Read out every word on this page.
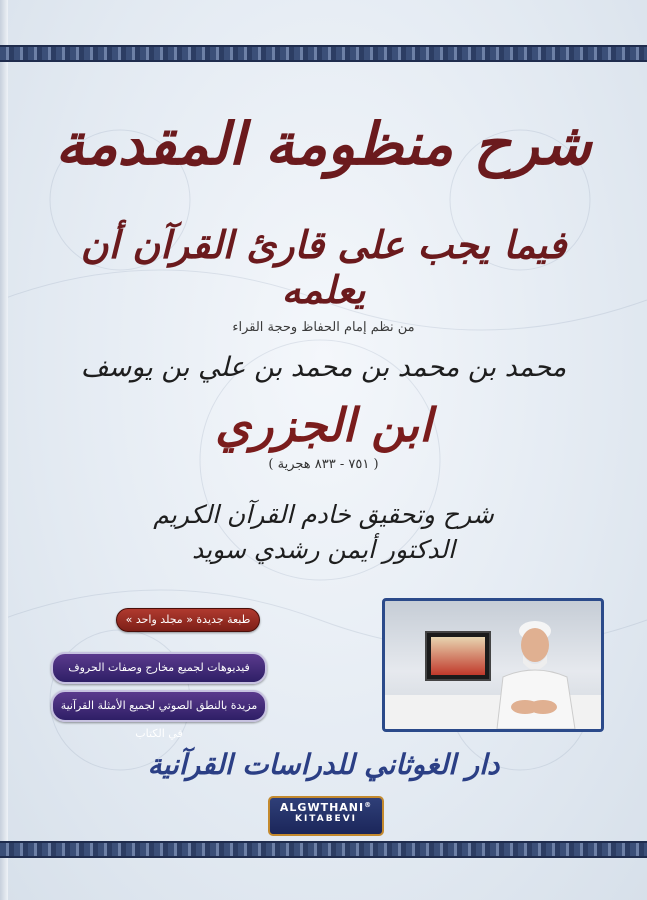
شرح منظومة المقدمة
فيما يجب على قارئ القرآن أن يعلمه
من نظم إمام الحفاظ وحجة القراء
محمد بن محمد بن محمد بن علي بن يوسف
ابن الجزري
( ٧٥١ - ٨٣٣ هجرية )
شرح وتحقيق خادم القرآن الكريم
الدكتور أيمن رشدي سويد
طبعة جديدة « مجلد واحد »
فيديوهات لجميع مخارج وصفات الحروف
مزيدة بالنطق الصوتي لجميع الأمثلة القرآنية في الكتاب
دار الغوثاني للدراسات القرآنية
ALGWTHANI®
KITABEVI
